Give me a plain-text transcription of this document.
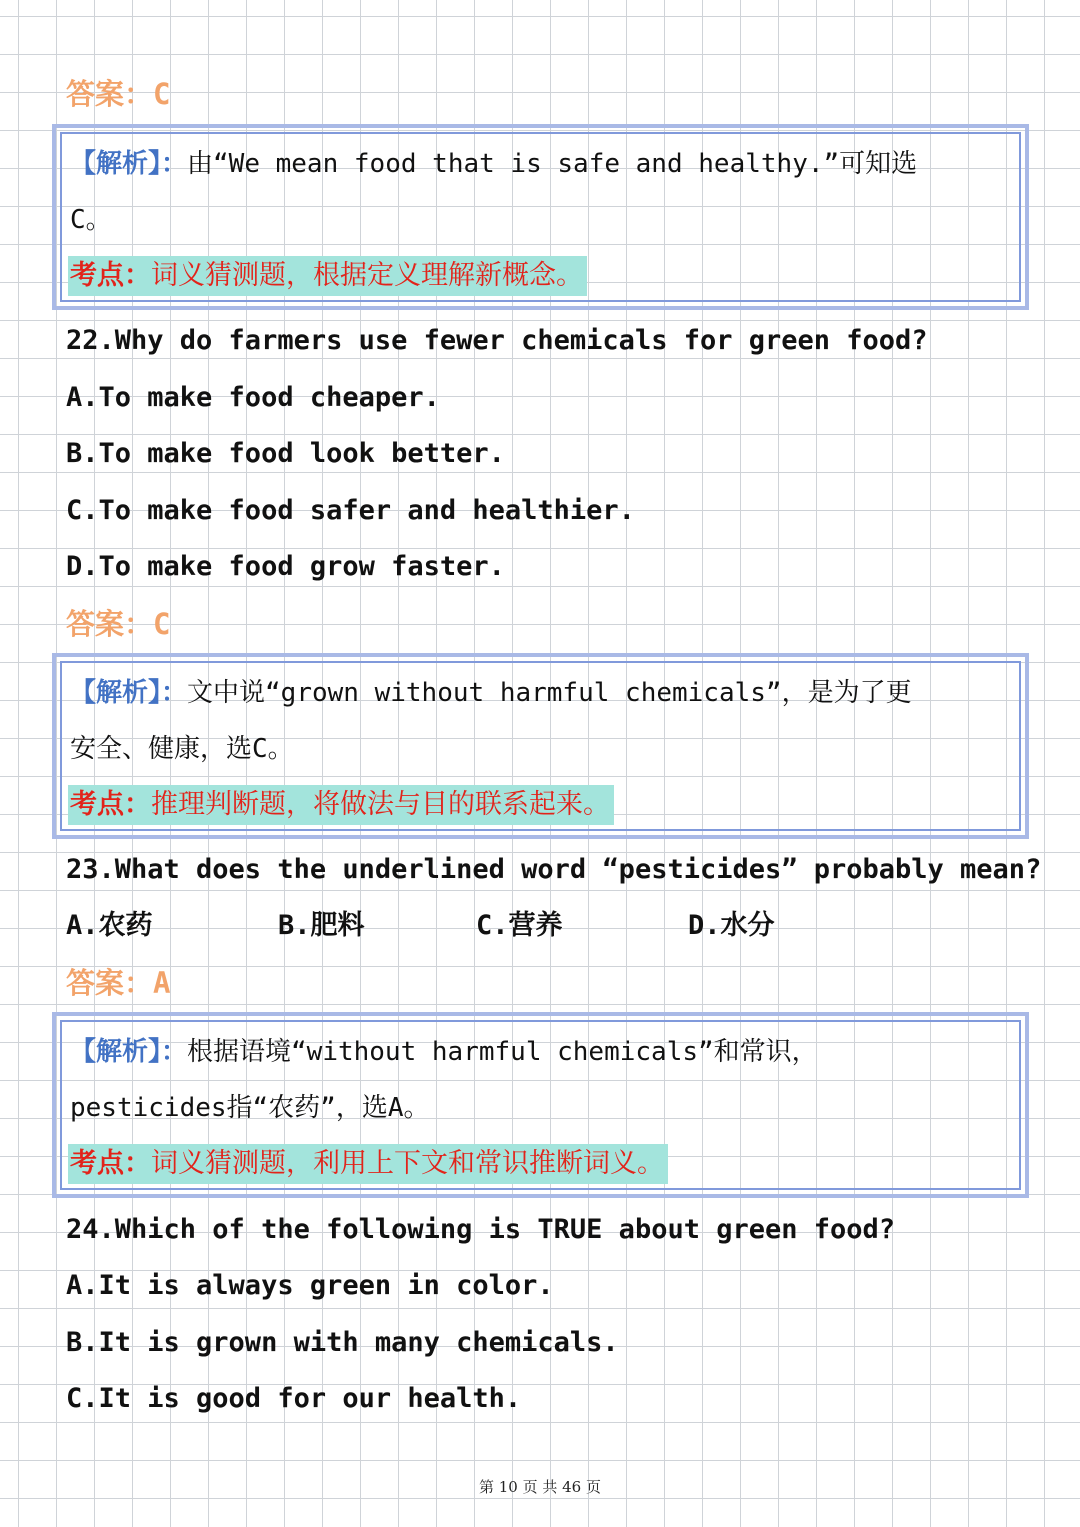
答案：C
【解析】：由“We mean food that is safe and healthy.”可知选
C。
考点：词义猜测题，根据定义理解新概念。
22.Why do farmers use fewer chemicals for green food?
A.To make food cheaper.
B.To make food look better.
C.To make food safer and healthier.
D.To make food grow faster.
答案：C
【解析】：文中说“grown without harmful chemicals”，是为了更
安全、健康，选C。
考点：推理判断题，将做法与目的联系起来。
23.What does the underlined word “pesticides” probably mean?
A.农药	B.肥料	C.营养	D.水分
答案：A
【解析】：根据语境“without harmful chemicals”和常识，
pesticides指“农药”，选A。
考点：词义猜测题，利用上下文和常识推断词义。
24.Which of the following is TRUE about green food?
A.It is always green in color.
B.It is grown with many chemicals.
C.It is good for our health.
第 10 页 共 46 页
